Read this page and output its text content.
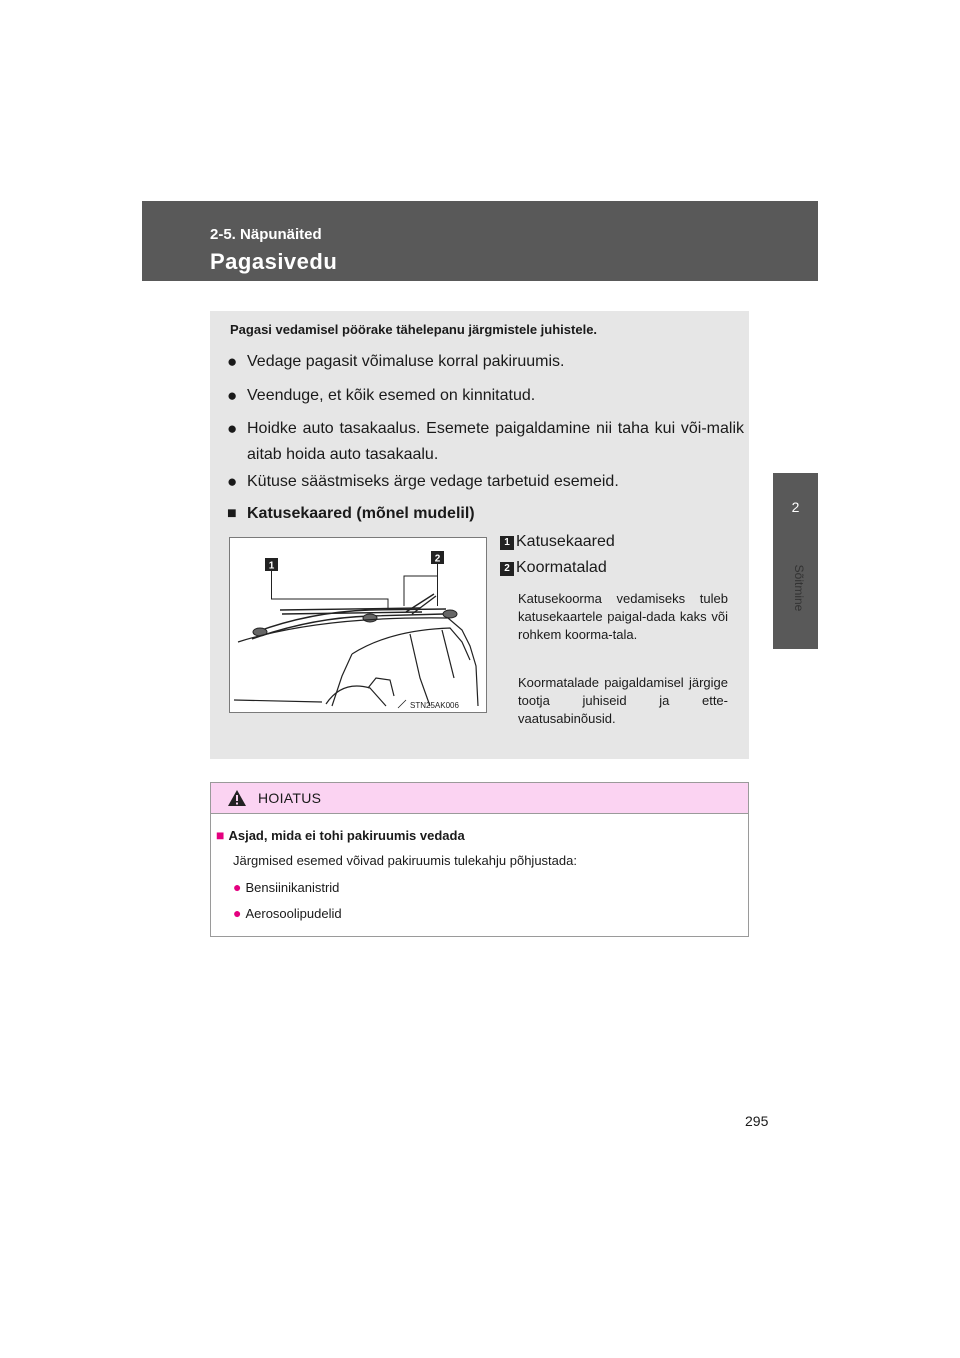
2-5. Näpunäited
Pagasivedu
2
Sõitmine
Pagasi vedamisel pöörake tähelepanu järgmistele juhistele.
● Vedage pagasit võimaluse korral pakiruumis.
● Veenduge, et kõik esemed on kinnitatud.
● Hoidke auto tasakaalus. Esemete paigaldamine nii taha kui või-malik aitab hoida auto tasakaalu.
● Kütuse säästmiseks ärge vedage tarbetuid esemeid.
■ Katusekaared (mõnel mudelil)
1
2
STN25AK006
1 Katusekaared
2 Koormatalad
Katusekoorma vedamiseks tuleb katusekaartele paigal-dada kaks või rohkem koorma-tala.
Koormatalade paigaldamisel järgige tootja juhiseid ja ette-vaatusabinõusid.
HOIATUS
■ Asjad, mida ei tohi pakiruumis vedada
Järgmised esemed võivad pakiruumis tulekahju põhjustada:
● Bensiinikanistrid
● Aerosoolipudelid
295
